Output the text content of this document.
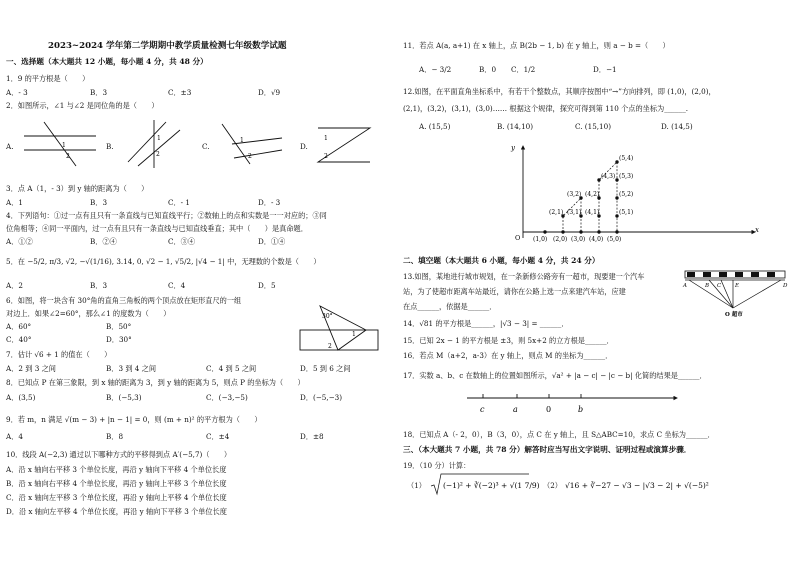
2023~2024 学年第二学期期中教学质量检测七年级数学试题
一、选择题（本大题共 12 小题，每小题 4 分，共 48 分）
1．9 的平方根是（　　）
A．- 3	B．3	C．±3	D．√9
2．如图所示，∠1 与∠2 是同位角的是（　　）
A.	1
2
B.
1
2
C.
1
2
D.
1
2
3．点 A（1，- 3）到 y 轴的距离为（　　）
A．1	B．3	C．- 1	D．- 3
4．下列语句：①过一点有且只有一条直线与已知直线平行；②数轴上的点和实数是一一对应的；③同
位角相等；④同一平面内，过一点有且只有一条直线与已知直线垂直；其中（　　）是真命题．
A．①②	B．②④	C．③④	D．①④
5．在 −5/2, π/3, √2, −√(1/16), 3.14, 0, √2 − 1, √5/2, |√4 − 1| 中，无理数的个数是（　　）
A．2	B．3	C．4	D．5
6．如图，将一块含有 30°角的直角三角板的两个顶点放在矩形直尺的一组
对边上．如果∠2=60°，那么∠1 的度数为（　　）
A．60°	B．50°
C．40°	D．30°
30°
1
2
7．估计 √6 + 1 的值在（　　）
A．2 到 3 之间	B．3 到 4 之间	C．4 到 5 之间	D．5 到 6 之间
8．已知点 P 在第三象限，到 x 轴的距离为 3，到 y 轴的距离为 5，则点 P 的坐标为（　　）
A．(3,5)	B．(−5,3)	C．(−3,−5)	D．(−5,−3)
9．若 m，n 满足 √(m − 3) + |n − 1| = 0，则 (m + n)² 的平方根为（　　）
A．4	B．8	C．±4	D．±8
10．线段 A(−2,3) 通过以下哪种方式的平移得到点 A′(−5,7)（　　）
A．沿 x 轴向右平移 3 个单位长度，再沿 y 轴向下平移 4 个单位长度
B．沿 x 轴向右平移 4 个单位长度，再沿 y 轴向上平移 3 个单位长度
C．沿 x 轴向左平移 3 个单位长度，再沿 y 轴向上平移 4 个单位长度
D．沿 x 轴向左平移 4 个单位长度，再沿 y 轴向下平移 3 个单位长度
11．若点 A(a, a+1) 在 x 轴上，点 B(2b − 1, b) 在 y 轴上，则 a − b =（　　）
A．− 3/2	B．0 C．1/2	D．−1
12.如图，在平面直角坐标系中，有若干个整数点，其顺序按图中“→”方向排列，即 (1,0)，(2,0)，
(2,1)，(3,2)，(3,1)，(3,0)…… 根据这个规律，探究可得到第 110 个点的坐标为______.
A. (15,5)	B. (14,10)	C. (15,10)	D. (14,5)
y
x
O (1,0) (2,0) (3,0) (4,0) (5,0)
(2,1) (3,1) (4,1)	(5,1)
(3,2) (4,2)	(5,2)
(4,3) (5,3)
(5,4)
二、填空题（本大题共 6 小题，每小题 4 分，共 24 分）
13.如图，某地进行城市规划，在一条新修公路旁有一超市，现要建一个汽车
站，为了使超市距离车站最近，请你在公路上选一点来建汽车站，应建
在点______，依据是______．
A	B C	D
E
O 超市
14．√81 的平方根是______，|√3 − 3| = ______．
15．已知 2x − 1 的平方根是 ±3，则 5x+2 的立方根是______．
16．若点 M（a+2，a-3）在 y 轴上，则点 M 的坐标为______．
17．实数 a、b、c 在数轴上的位置如图所示，√a² + |a − c| − |c − b| 化简的结果是______．
c	a	0	b
18．已知点 A（- 2，0），B（3，0），点 C 在 y 轴上，且 S△ABC=10，求点 C 坐标为______．
三、（本大题共 7 小题，共 78 分）解答时应当写出文字说明、证明过程或演算步骤．
19．（10 分）计算：
（1） (−1)² + ∛(−2)³ + √(1 7/9) （2） √16 + ∛−27 − √3 − |√3 − 2| + √(−5)²
